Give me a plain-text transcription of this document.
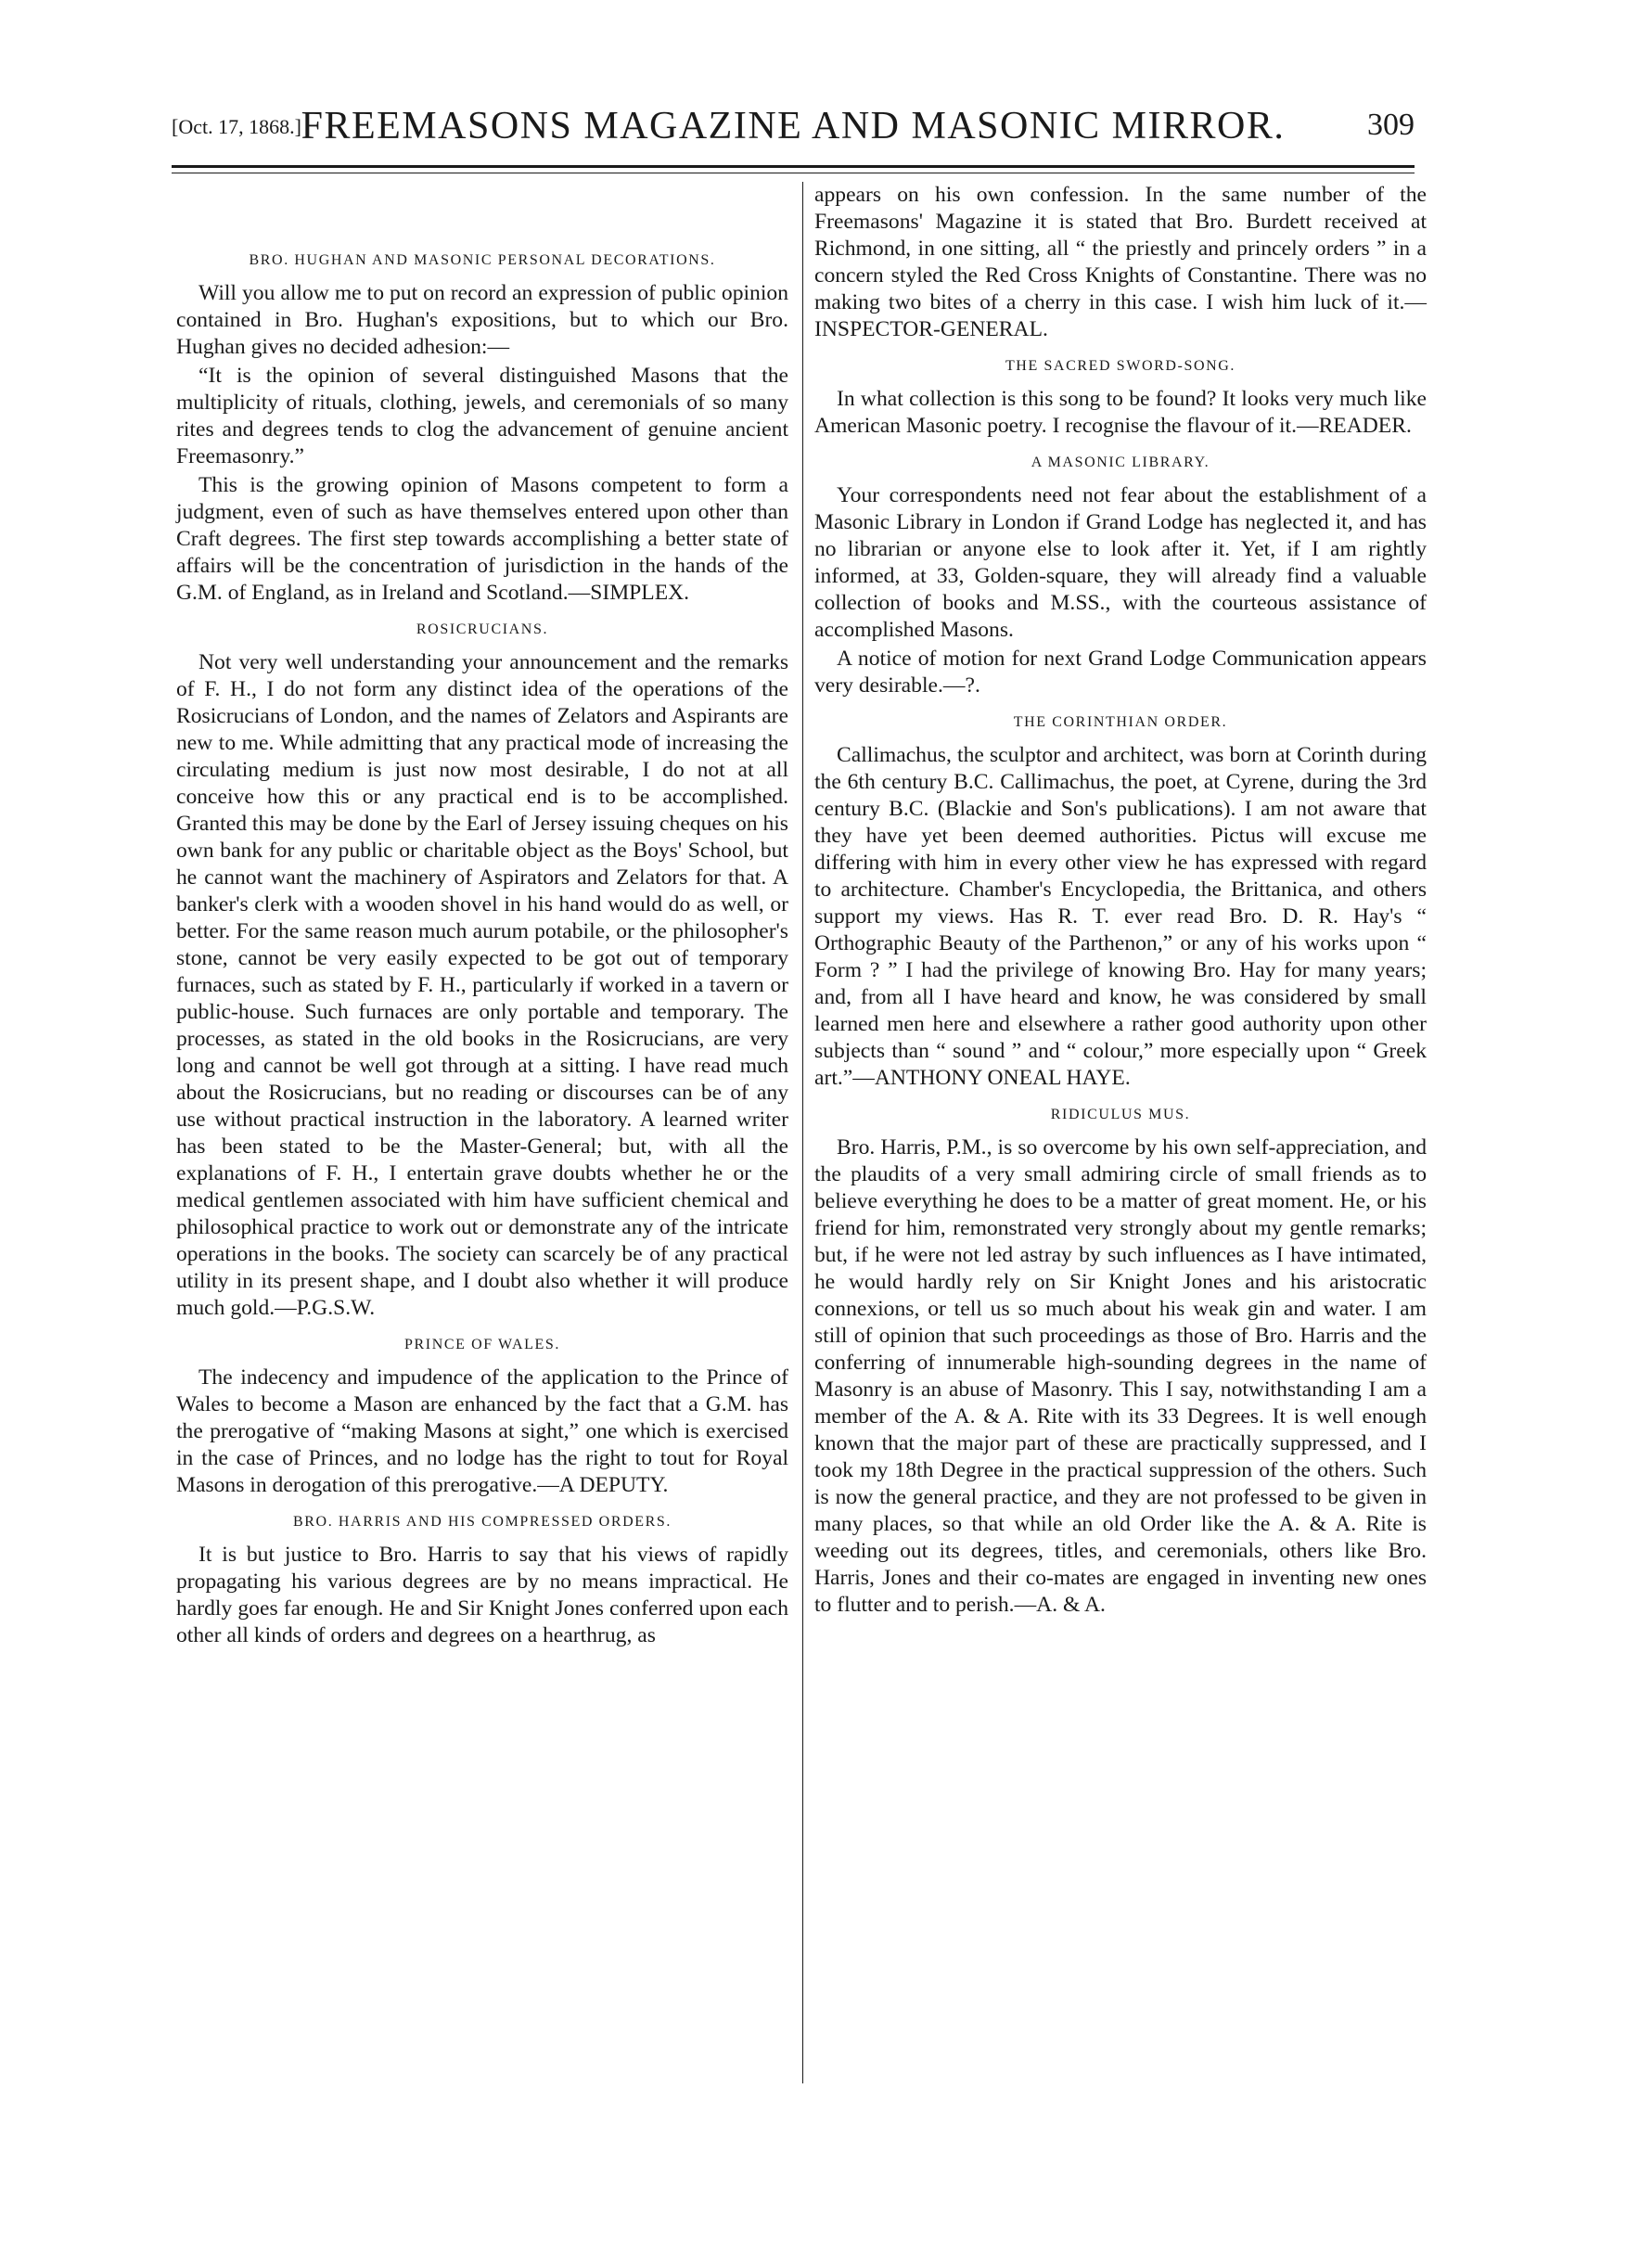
[Oct. 17, 1868.] FREEMASONS MAGAZINE AND MASONIC MIRROR.	309
BRO. HUGHAN AND MASONIC PERSONAL DECORATIONS.

Will you allow me to put on record an expression of public opinion contained in Bro. Hughan's expositions, but to which our Bro. Hughan gives no decided adhesion:—

“It is the opinion of several distinguished Masons that the multiplicity of rituals, clothing, jewels, and ceremonials of so many rites and degrees tends to clog the advancement of genuine ancient Freemasonry.”

This is the growing opinion of Masons competent to form a judgment, even of such as have themselves entered upon other than Craft degrees. The first step towards accomplishing a better state of affairs will be the concentration of jurisdiction in the hands of the G.M. of England, as in Ireland and Scotland.—SIMPLEX.

ROSICRUCIANS.

Not very well understanding your announcement and the remarks of F. H., I do not form any distinct idea of the operations of the Rosicrucians of London, and the names of Zelators and Aspirants are new to me. While admitting that any practical mode of increasing the circulating medium is just now most desirable, I do not at all conceive how this or any practical end is to be accomplished. Granted this may be done by the Earl of Jersey issuing cheques on his own bank for any public or charitable object as the Boys' School, but he cannot want the machinery of Aspirators and Zelators for that. A banker's clerk with a wooden shovel in his hand would do as well, or better. For the same reason much aurum potabile, or the philosopher's stone, cannot be very easily expected to be got out of temporary furnaces, such as stated by F. H., particularly if worked in a tavern or public-house. Such furnaces are only portable and temporary. The processes, as stated in the old books in the Rosicrucians, are very long and cannot be well got through at a sitting. I have read much about the Rosicrucians, but no reading or discourses can be of any use without practical instruction in the laboratory. A learned writer has been stated to be the Master-General; but, with all the explanations of F. H., I entertain grave doubts whether he or the medical gentlemen associated with him have sufficient chemical and philosophical practice to work out or demonstrate any of the intricate operations in the books. The society can scarcely be of any practical utility in its present shape, and I doubt also whether it will produce much gold.—P.G.S.W.

PRINCE OF WALES.

The indecency and impudence of the application to the Prince of Wales to become a Mason are enhanced by the fact that a G.M. has the prerogative of “making Masons at sight,” one which is exercised in the case of Princes, and no lodge has the right to tout for Royal Masons in derogation of this prerogative.—A DEPUTY.

BRO. HARRIS AND HIS COMPRESSED ORDERS.

It is but justice to Bro. Harris to say that his views of rapidly propagating his various degrees are by no means impractical. He hardly goes far enough. He and Sir Knight Jones conferred upon each other all kinds of orders and degrees on a hearthrug, as

appears on his own confession. In the same number of the Freemasons' Magazine it is stated that Bro. Burdett received at Richmond, in one sitting, all “ the priestly and princely orders ” in a concern styled the Red Cross Knights of Constantine. There was no making two bites of a cherry in this case. I wish him luck of it.—INSPECTOR-GENERAL.

THE SACRED SWORD-SONG.

In what collection is this song to be found? It looks very much like American Masonic poetry. I recognise the flavour of it.—READER.

A MASONIC LIBRARY.

Your correspondents need not fear about the establishment of a Masonic Library in London if Grand Lodge has neglected it, and has no librarian or anyone else to look after it. Yet, if I am rightly informed, at 33, Golden-square, they will already find a valuable collection of books and M.SS., with the courteous assistance of accomplished Masons.

A notice of motion for next Grand Lodge Communication appears very desirable.—?.

THE CORINTHIAN ORDER.

Callimachus, the sculptor and architect, was born at Corinth during the 6th century B.C. Callimachus, the poet, at Cyrene, during the 3rd century B.C. (Blackie and Son's publications). I am not aware that they have yet been deemed authorities. Pictus will excuse me differing with him in every other view he has expressed with regard to architecture. Chamber's Encyclopedia, the Brittanica, and others support my views. Has R. T. ever read Bro. D. R. Hay's “ Orthographic Beauty of the Parthenon,” or any of his works upon “ Form ? ” I had the privilege of knowing Bro. Hay for many years; and, from all I have heard and know, he was considered by small learned men here and elsewhere a rather good authority upon other subjects than “ sound ” and “ colour,” more especially upon “ Greek art.”—ANTHONY ONEAL HAYE.

RIDICULUS MUS.

Bro. Harris, P.M., is so overcome by his own self-appreciation, and the plaudits of a very small admiring circle of small friends as to believe everything he does to be a matter of great moment. He, or his friend for him, remonstrated very strongly about my gentle remarks; but, if he were not led astray by such influences as I have intimated, he would hardly rely on Sir Knight Jones and his aristocratic connexions, or tell us so much about his weak gin and water. I am still of opinion that such proceedings as those of Bro. Harris and the conferring of innumerable high-sounding degrees in the name of Masonry is an abuse of Masonry. This I say, notwithstanding I am a member of the A. & A. Rite with its 33 Degrees. It is well enough known that the major part of these are practically suppressed, and I took my 18th Degree in the practical suppression of the others. Such is now the general practice, and they are not professed to be given in many places, so that while an old Order like the A. & A. Rite is weeding out its degrees, titles, and ceremonials, others like Bro. Harris, Jones and their co-mates are engaged in inventing new ones to flutter and to perish.—A. & A.
